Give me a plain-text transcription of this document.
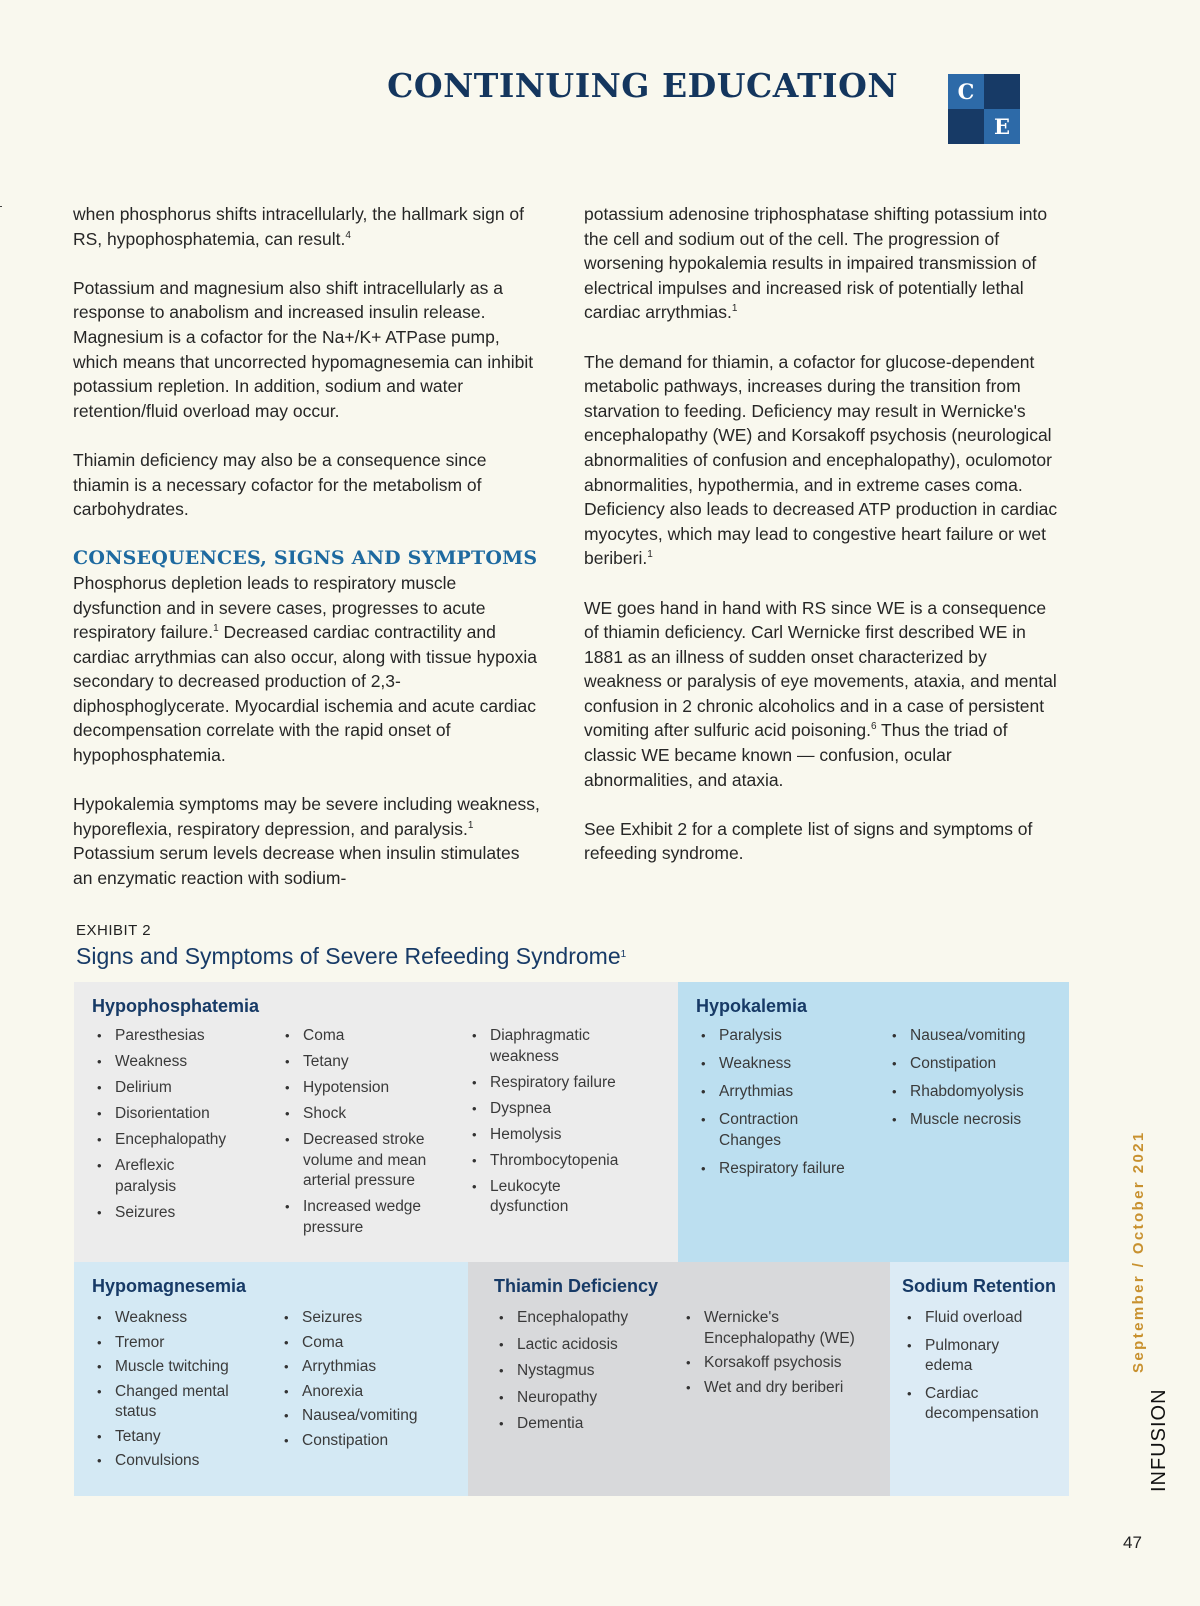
CONTINUING EDUCATION	C
E

when phosphorus shifts intracellularly, the hallmark sign of RS, hypophosphatemia, can result.$^4$

Potassium and magnesium also shift intracellularly as a response to anabolism and increased insulin release. Magnesium is a cofactor for the Na+/K+ ATPase pump, which means that uncorrected hypomagnesemia can inhibit potassium repletion. In addition, sodium and water retention/fluid overload may occur.

Thiamin deficiency may also be a consequence since thiamin is a necessary cofactor for the metabolism of carbohydrates.

CONSEQUENCES, SIGNS AND SYMPTOMS

Phosphorus depletion leads to respiratory muscle dysfunction and in severe cases, progresses to acute respiratory failure.$^1$ Decreased cardiac contractility and cardiac arrythmias can also occur, along with tissue hypoxia secondary to decreased production of 2,3-diphosphoglycerate. Myocardial ischemia and acute cardiac decompensation correlate with the rapid onset of hypophosphatemia.

Hypokalemia symptoms may be severe including weakness, hyporeflexia, respiratory depression, and paralysis.$^1$ Potassium serum levels decrease when insulin stimulates an enzymatic reaction with sodium-

potassium adenosine triphosphatase shifting potassium into the cell and sodium out of the cell. The progression of worsening hypokalemia results in impaired transmission of electrical impulses and increased risk of potentially lethal cardiac arrythmias.$^1$

The demand for thiamin, a cofactor for glucose-dependent metabolic pathways, increases during the transition from starvation to feeding. Deficiency may result in Wernicke's encephalopathy (WE) and Korsakoff psychosis (neurological abnormalities of confusion and encephalopathy), oculomotor abnormalities, hypothermia, and in extreme cases coma. Deficiency also leads to decreased ATP production in cardiac myocytes, which may lead to congestive heart failure or wet beriberi.$^1$

WE goes hand in hand with RS since WE is a consequence of thiamin deficiency. Carl Wernicke first described WE in 1881 as an illness of sudden onset characterized by weakness or paralysis of eye movements, ataxia, and mental confusion in 2 chronic alcoholics and in a case of persistent vomiting after sulfuric acid poisoning.$^6$ Thus the triad of classic WE became known — confusion, ocular abnormalities, and ataxia.

See Exhibit 2 for a complete list of signs and symptoms of refeeding syndrome.

EXHIBIT 2
Signs and Symptoms of Severe Refeeding Syndrome$^1$
Hypophosphatemia
• Paresthesias
• Weakness
• Delirium
• Disorientation
• Encephalopathy
• Areflexic paralysis
• Seizures
• Coma
• Tetany
• Hypotension
• Shock
• Decreased stroke volume and mean arterial pressure
• Increased wedge pressure
• Diaphragmatic weakness
• Respiratory failure
• Dyspnea
• Hemolysis
• Thrombocytopenia
• Leukocyte dysfunction
Hypokalemia
• Paralysis
• Weakness
• Arrythmias
• Contraction Changes
• Respiratory failure
• Nausea/vomiting
• Constipation
• Rhabdomyolysis
• Muscle necrosis
Hypomagnesemia
• Weakness
• Tremor
• Muscle twitching
• Changed mental status
• Tetany
• Convulsions
• Seizures
• Coma
• Arrythmias
• Anorexia
• Nausea/vomiting
• Constipation
Thiamin Deficiency
• Encephalopathy
• Lactic acidosis
• Nystagmus
• Neuropathy
• Dementia
• Wernicke's Encephalopathy (WE)
• Korsakoff psychosis
• Wet and dry beriberi
Sodium Retention
• Fluid overload
• Pulmonary edema
• Cardiac decompensation
September / October 2021
INFUSION
47
